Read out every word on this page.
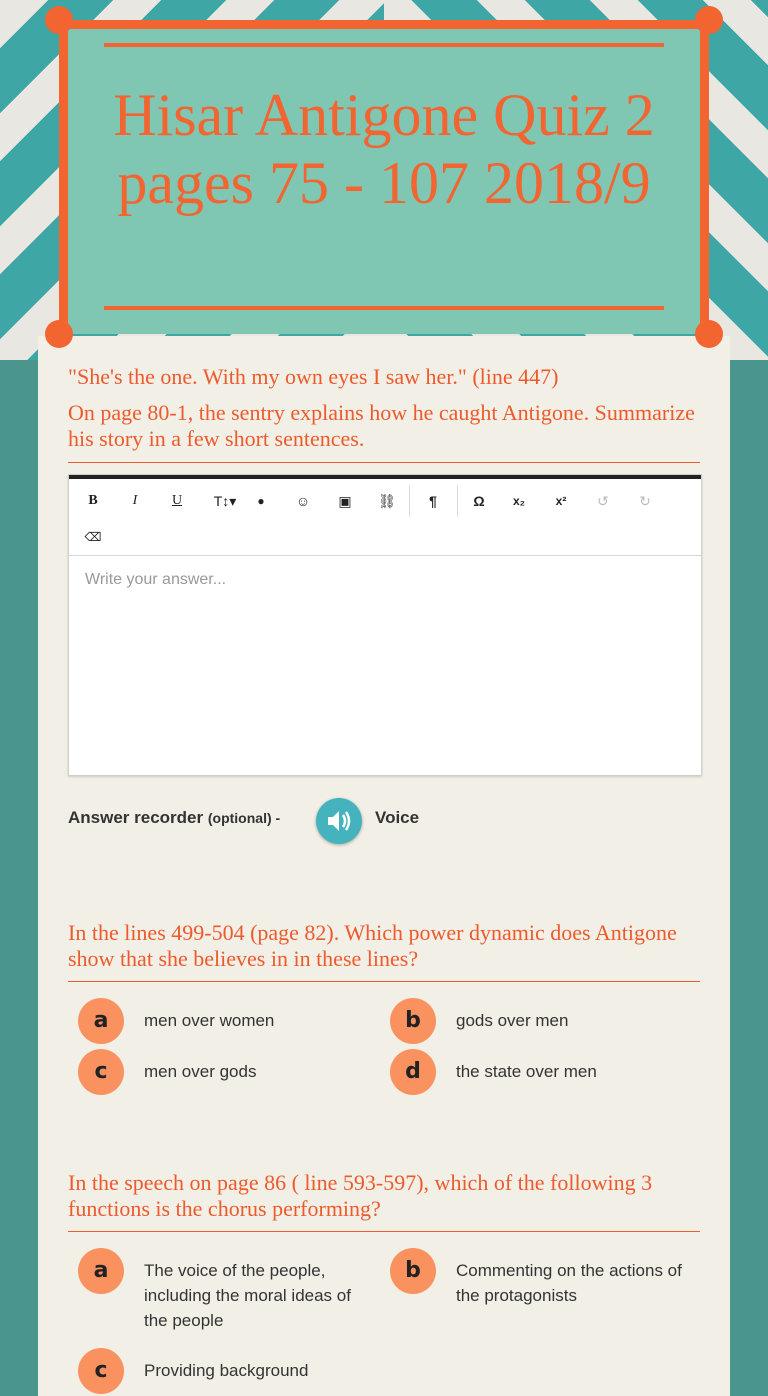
Hisar Antigone Quiz 2 pages 75 - 107 2018/9
"She's the one. With my own eyes I saw her." (line 447)
On page 80-1, the sentry explains how he caught Antigone. Summarize his story in a few short sentences.
B	I	U	T↕▾	●	☺	▣	⛓	¶	Ω	x₂	x²	↺	↻
⌫
Write your answer...
Answer recorder (optional) -	Voice
In the lines 499-504 (page 82). Which power dynamic does Antigone show that she believes in in these lines?
a	men over women	b	gods over men
c	men over gods	d	the state over men
In the speech on page 86 ( line 593-597), which of the following 3 functions is the chorus performing?
a	The voice of the people, including the moral ideas of the people
b	Commenting on the actions of the protagonists
c	Providing background
